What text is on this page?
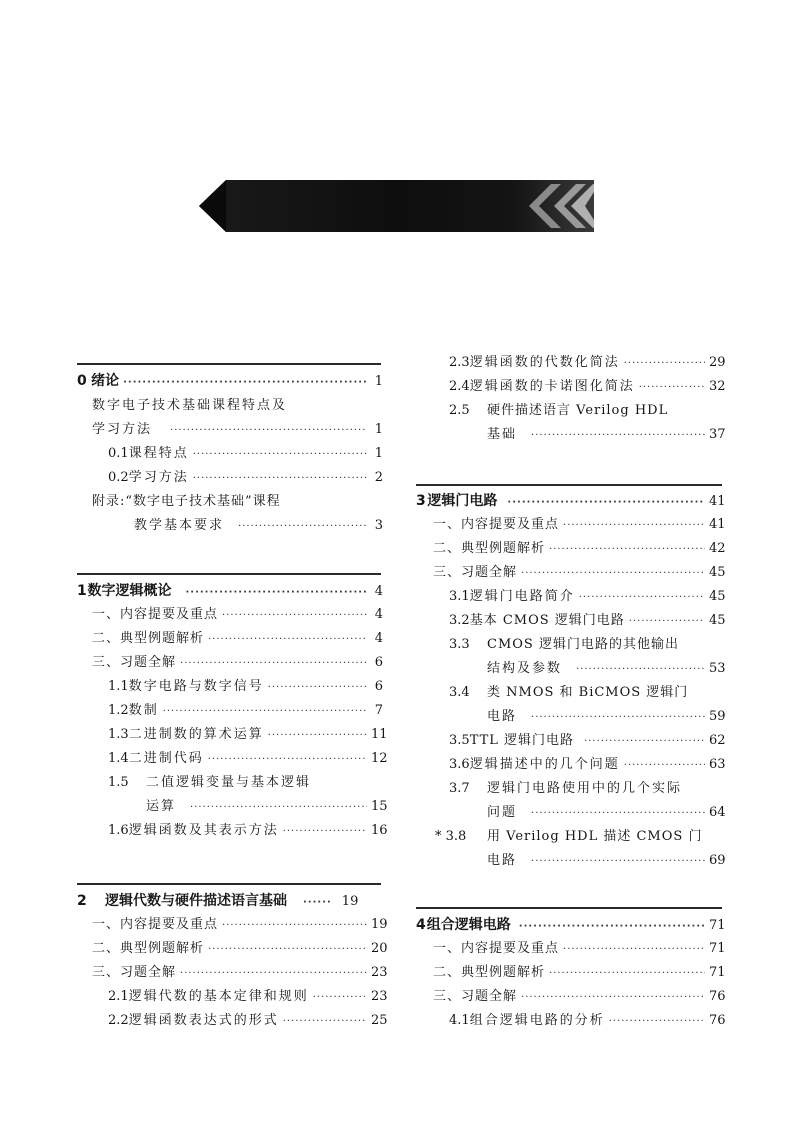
0 绪论 ·····	1
数字电子技术基础课程特点及
学习方法 ·····	1
0.1 课程特点 ·····	1
0.2 学习方法 ·····	2
附录:“数字电子技术基础”课程
教学基本要求 ·····	3
1 数字逻辑概论 ·····	4
一、内容提要及重点 ·····	4
二、典型例题解析 ·····	4
三、习题全解 ·····	6
1.1 数字电路与数字信号 ·····	6
1.2 数制 ·····	7
1.3 二进制数的算术运算 ·····	11
1.4 二进制代码 ·····	12
1.5	二值逻辑变量与基本逻辑
运算 ·····	15
1.6 逻辑函数及其表示方法 ·····	16
2	逻辑代数与硬件描述语言基础 ······	19
一、内容提要及重点 ·····	19
二、典型例题解析 ·····	20
三、习题全解 ·····	23
2.1 逻辑代数的基本定律和规则 ·····	23
2.2 逻辑函数表达式的形式 ·····	25
2.3 逻辑函数的代数化简法 ·····	29
2.4 逻辑函数的卡诺图化简法 ·····	32
2.5	硬件描述语言 Verilog HDL
基础 ·····	37
3 逻辑门电路 ·····	41
一、内容提要及重点 ·····	41
二、典型例题解析 ·····	42
三、习题全解 ·····	45
3.1 逻辑门电路简介 ·····	45
3.2 基本 CMOS 逻辑门电路 ·····	45
3.3	CMOS 逻辑门电路的其他输出
结构及参数 ·····	53
3.4	类 NMOS 和 BiCMOS 逻辑门
电路 ·····	59
3.5 TTL 逻辑门电路 ·····	62
3.6 逻辑描述中的几个问题 ·····	63
3.7	逻辑门电路使用中的几个实际
问题 ·····	64
* 3.8	用 Verilog HDL 描述 CMOS 门
电路 ·····	69
4 组合逻辑电路 ·····	71
一、内容提要及重点 ·····	71
二、典型例题解析 ·····	71
三、习题全解 ·····	76
4.1 组合逻辑电路的分析 ·····	76
